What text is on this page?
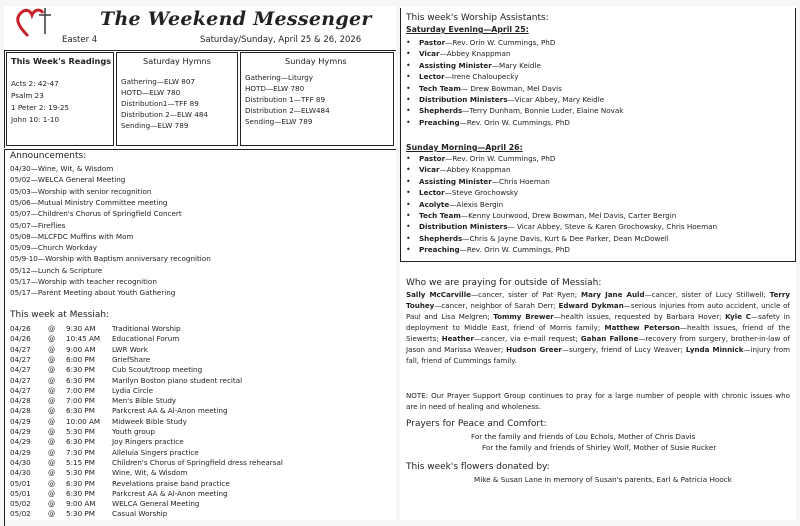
The Weekend Messenger
Easter 4	Saturday/Sunday, April 25 & 26, 2026
This Week's Readings
Acts 2: 42-47
Psalm 23
1 Peter 2: 19-25
John 10: 1-10
Saturday Hymns
Gathering—ELW 807
HOTD—ELW 780
Distribution1—TFF 89
Distribution 2—ELW 484
Sending—ELW 789
Sunday Hymns
Gathering—Liturgy
HOTD—ELW 780
Distribution 1—TFF 89
Distribution 2—ELW484
Sending—ELW 789
Announcements:
04/30—Wine, Wit, & Wisdom
05/02—WELCA General Meeting
05/03—Worship with senior recognition
05/06—Mutual Ministry Committee meeting
05/07—Children's Chorus of Springfield Concert
05/07—Fireflies
05/08—MLCFDC Muffins with Mom
05/09—Church Workday
05/9-10—Worship with Baptism anniversary recognition
05/12—Lunch & Scripture
05/17—Worship with teacher recognition
05/17—Parent Meeting about Youth Gathering
This week at Messiah:
04/26 @ 9:30 AM Traditional Worship
04/26 @ 10:45 AM Educational Forum
04/27 @ 9:00 AM LWR Work
04/27 @ 6:00 PM GriefShare
04/27 @ 6:30 PM Cub Scout/troop meeting
04/27 @ 6:30 PM Marilyn Boston piano student recital
04/27 @ 7:00 PM Lydia Circle
04/28 @ 7:00 PM Men's Bible Study
04/28 @ 6:30 PM Parkcrest AA & Al-Anon meeting
04/29 @ 10:00 AM Midweek Bible Study
04/29 @ 5:30 PM Youth group
04/29 @ 6:30 PM Joy Ringers practice
04/29 @ 7:30 PM Alleluia Singers practice
04/30 @ 5:15 PM Children's Chorus of Springfield dress rehearsal
04/30 @ 5:30 PM Wine, Wit, & Wisdom
05/01 @ 6:30 PM Revelations praise band practice
05/01 @ 6:30 PM Parkcrest AA & Al-Anon meeting
05/02 @ 9:00 AM WELCA General Meeting
05/02 @ 5:30 PM Casual Worship
This week's Worship Assistants:
Saturday Evening—April 25:
• Pastor—Rev. Orin W. Cummings, PhD
• Vicar—Abbey Knappman
• Assisting Minister—Mary Keidle
• Lector—Irene Chaloupecky
• Tech Team— Drew Bowman, Mel Davis
• Distribution Ministers—Vicar Abbey, Mary Keidle
• Shepherds—Terry Dunham, Bonnie Luder, Elaine Novak
• Preaching—Rev. Orin W. Cummings, PhD
Sunday Morning—April 26:
• Pastor—Rev. Orin W. Cummings, PhD
• Vicar—Abbey Knappman
• Assisting Minister—Chris Hoeman
• Lector—Steve Grochowsky
• Acolyte—Alexis Bergin
• Tech Team—Kenny Lourwood, Drew Bowman, Mel Davis, Carter Bergin
• Distribution Ministers— Vicar Abbey, Steve & Karen Grochowsky, Chris Hoeman
• Shepherds—Chris & Jayne Davis, Kurt & Dee Parker, Dean McDowell
• Preaching—Rev. Orin W. Cummings, PhD
Who we are praying for outside of Messiah:
Sally McCarville—cancer, sister of Pat Ryen; Mary Jane Auld—cancer, sister of Lucy Stillwell; Terry Touhey—cancer, neighbor of Sarah Derr; Edward Dykman—serious injuries from auto accident, uncle of Paul and Lisa Melgren; Tommy Brewer—health issues, requested by Barbara Hover; Kyle C—safety in deployment to Middle East, friend of Morris family; Matthew Peterson—health issues, friend of the Siewerts; Heather—cancer, via e-mail request; Gahan Fallone—recovery from surgery, brother-in-law of Jason and Marissa Weaver; Hudson Greer—surgery, friend of Lucy Weaver; Lynda Minnick—injury from fall, friend of Cummings family.
NOTE: Our Prayer Support Group continues to pray for a large number of people with chronic issues who are in need of healing and wholeness.
Prayers for Peace and Comfort:
For the family and friends of Lou Echols, Mother of Chris Davis
For the family and friends of Shirley Wolf, Mother of Susie Rucker
This week's flowers donated by:
Mike & Susan Lane in memory of Susan's parents, Earl & Patricia Hoock
